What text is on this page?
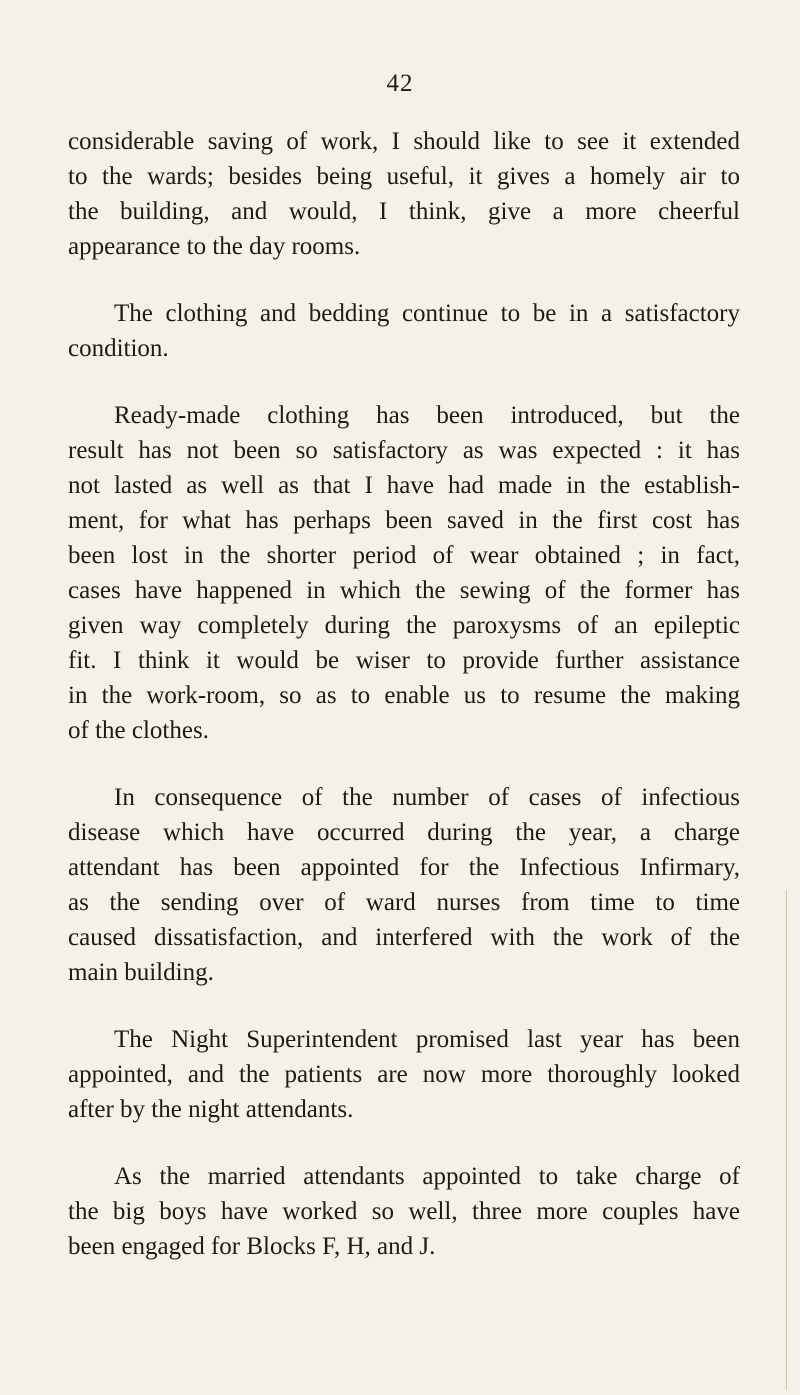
42

considerable saving of work, I should like to see it extended
to the wards; besides being useful, it gives a homely air to
the building, and would, I think, give a more cheerful
appearance to the day rooms.

The clothing and bedding continue to be in a satisfactory
condition.

Ready-made clothing has been introduced, but the
result has not been so satisfactory as was expected : it has
not lasted as well as that I have had made in the establish-
ment, for what has perhaps been saved in the first cost has
been lost in the shorter period of wear obtained ; in fact,
cases have happened in which the sewing of the former has
given way completely during the paroxysms of an epileptic
fit. I think it would be wiser to provide further assistance
in the work-room, so as to enable us to resume the making
of the clothes.

In consequence of the number of cases of infectious
disease which have occurred during the year, a charge
attendant has been appointed for the Infectious Infirmary,
as the sending over of ward nurses from time to time
caused dissatisfaction, and interfered with the work of the
main building.

The Night Superintendent promised last year has been
appointed, and the patients are now more thoroughly looked
after by the night attendants.

As the married attendants appointed to take charge of
the big boys have worked so well, three more couples have
been engaged for Blocks F, H, and J.
